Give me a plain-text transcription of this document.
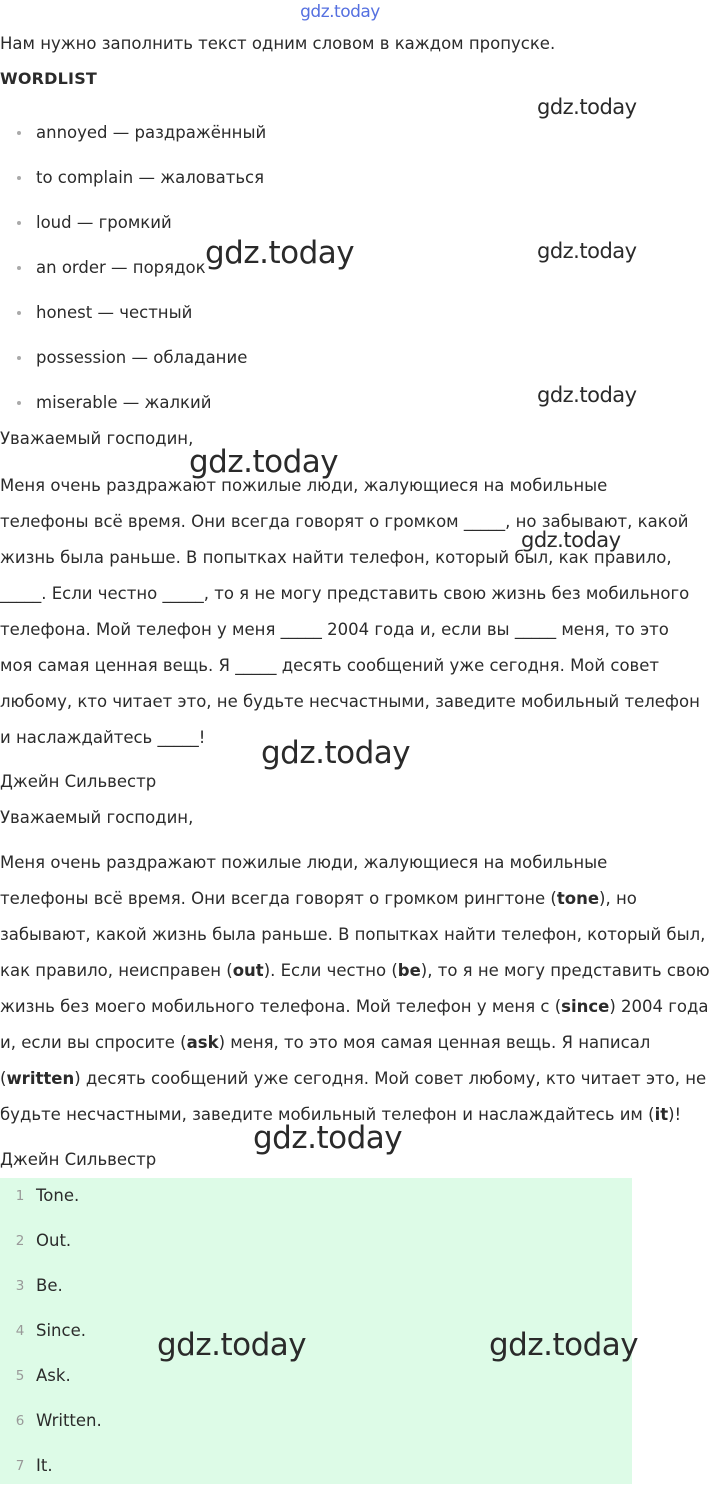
gdz.today
Нам нужно заполнить текст одним словом в каждом пропуске.
WORDLIST
annoyed — раздражённый
to complain — жаловаться
loud — громкий
an order — порядок
honest — честный
possession — обладание
miserable — жалкий
Уважаемый господин,
Меня очень раздражают пожилые люди, жалующиеся на мобильные
телефоны всё время. Они всегда говорят о громком _____, но забывают, какой
жизнь была раньше. В попытках найти телефон, который был, как правило,
_____. Если честно _____, то я не могу представить свою жизнь без мобильного
телефона. Мой телефон у меня _____ 2004 года и, если вы _____ меня, то это
моя самая ценная вещь. Я _____ десять сообщений уже сегодня. Мой совет
любому, кто читает это, не будьте несчастными, заведите мобильный телефон
и наслаждайтесь _____!
Джейн Сильвестр
Уважаемый господин,
Меня очень раздражают пожилые люди, жалующиеся на мобильные
телефоны всё время. Они всегда говорят о громком рингтоне (tone), но
забывают, какой жизнь была раньше. В попытках найти телефон, который был,
как правило, неисправен (out). Если честно (be), то я не могу представить свою
жизнь без моего мобильного телефона. Мой телефон у меня с (since) 2004 года
и, если вы спросите (ask) меня, то это моя самая ценная вещь. Я написал
(written) десять сообщений уже сегодня. Мой совет любому, кто читает это, не
будьте несчастными, заведите мобильный телефон и наслаждайтесь им (it)!
Джейн Сильвестр
1 Tone.
2 Out.
3 Be.
4 Since.
5 Ask.
6 Written.
7 It.
gdz.today
gdz.today	gdz.today
gdz.today
gdz.today
gdz.today
gdz.today
gdz.today
gdz.today	gdz.today
